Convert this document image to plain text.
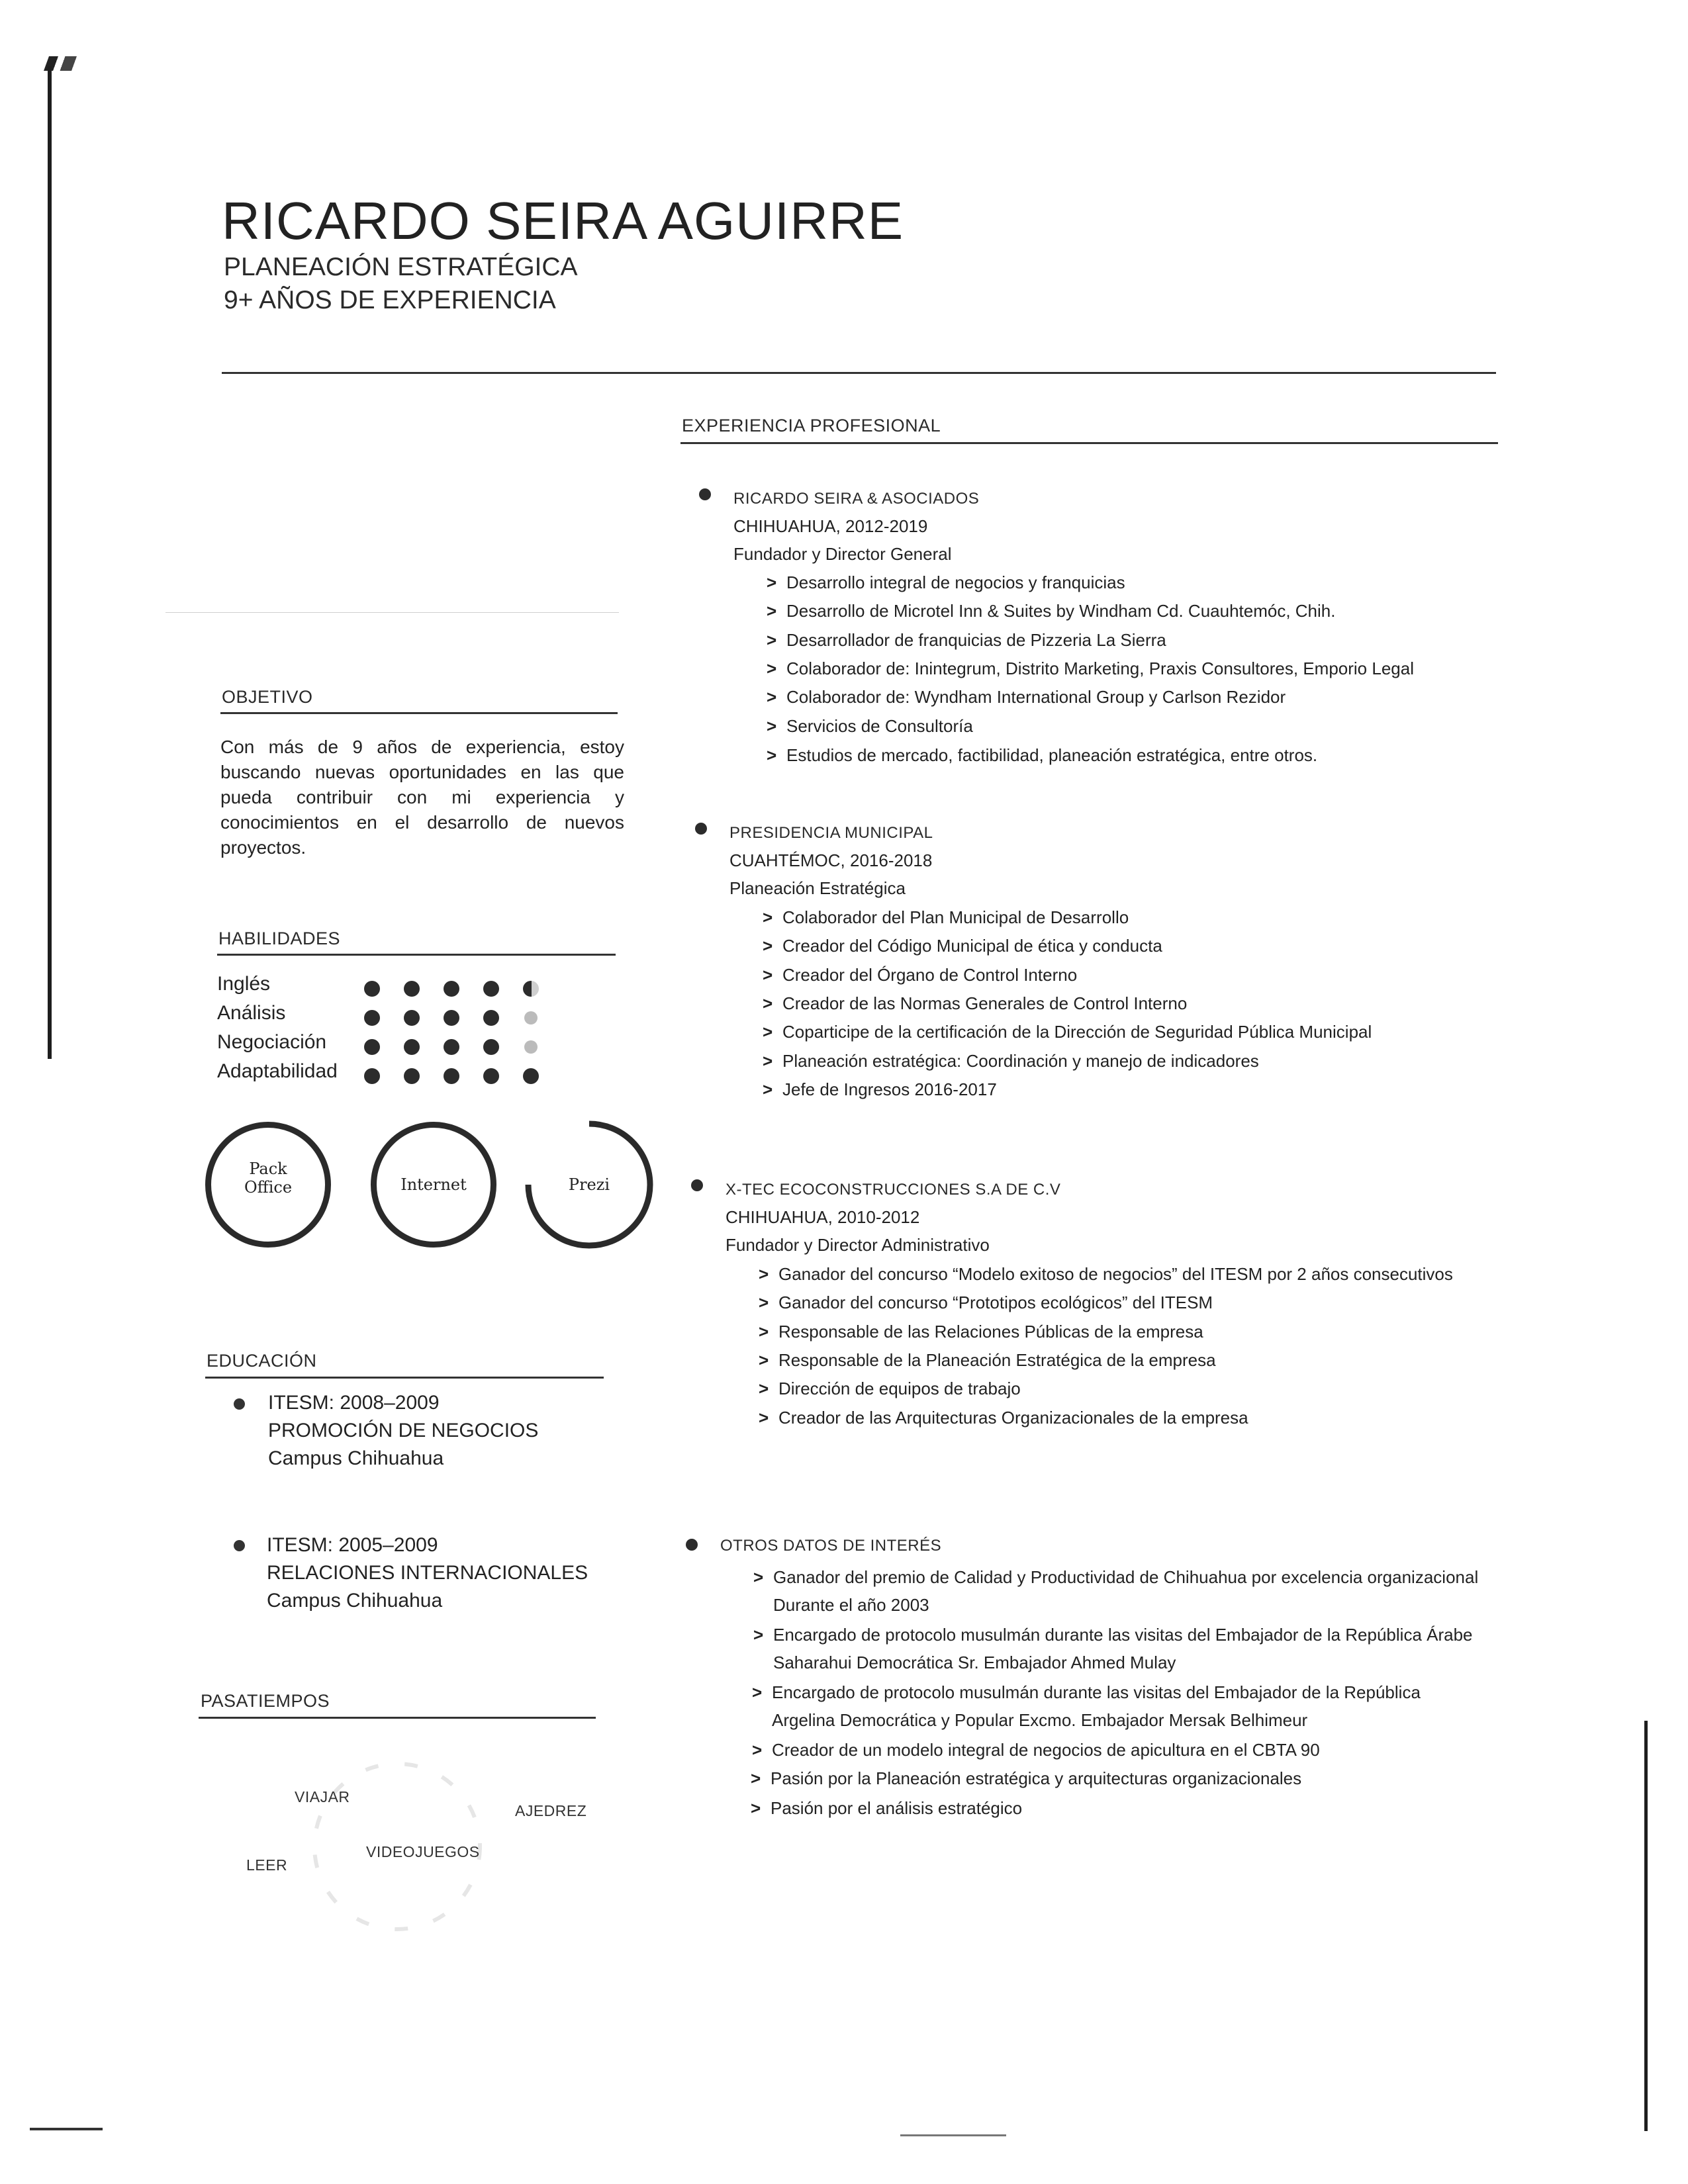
RICARDO SEIRA AGUIRRE
PLANEACIÓN ESTRATÉGICA
9+ AÑOS DE EXPERIENCIA
OBJETIVO
Con más de 9 años de experiencia, estoy buscando nuevas oportunidades en las que pueda contribuir con mi experiencia y conocimientos en el desarrollo de nuevos proyectos.
HABILIDADES
Inglés
Análisis
Negociación
Adaptabilidad
Pack Office	Internet	Prezi
EDUCACIÓN
ITESM: 2008–2009
PROMOCIÓN DE NEGOCIOS
Campus Chihuahua
ITESM: 2005–2009
RELACIONES INTERNACIONALES
Campus Chihuahua
PASATIEMPOS
VIAJAR
AJEDREZ
VIDEOJUEGOS
LEER
EXPERIENCIA PROFESIONAL
RICARDO SEIRA & ASOCIADOS
CHIHUAHUA, 2012-2019
Fundador y Director General
> Desarrollo integral de negocios y franquicias
> Desarrollo de Microtel Inn & Suites by Windham Cd. Cuauhtemóc, Chih.
> Desarrollador de franquicias de Pizzeria La Sierra
> Colaborador de: Inintegrum, Distrito Marketing, Praxis Consultores, Emporio Legal
> Colaborador de: Wyndham International Group y Carlson Rezidor
> Servicios de Consultoría
> Estudios de mercado, factibilidad, planeación estratégica, entre otros.
PRESIDENCIA MUNICIPAL
CUAHTÉMOC, 2016-2018
Planeación Estratégica
> Colaborador del Plan Municipal de Desarrollo
> Creador del Código Municipal de ética y conducta
> Creador del Órgano de Control Interno
> Creador de las Normas Generales de Control Interno
> Coparticipe de la certificación de la Dirección de Seguridad Pública Municipal
> Planeación estratégica: Coordinación y manejo de indicadores
> Jefe de Ingresos 2016-2017
X-TEC ECOCONSTRUCCIONES S.A DE C.V
CHIHUAHUA, 2010-2012
Fundador y Director Administrativo
> Ganador del concurso “Modelo exitoso de negocios” del ITESM por 2 años consecutivos
> Ganador del concurso “Prototipos ecológicos” del ITESM
> Responsable de las Relaciones Públicas de la empresa
> Responsable de la Planeación Estratégica de la empresa
> Dirección de equipos de trabajo
> Creador de las Arquitecturas Organizacionales de la empresa
OTROS DATOS DE INTERÉS
> Ganador del premio de Calidad y Productividad de Chihuahua por excelencia organizacional
Durante el año 2003
> Encargado de protocolo musulmán durante las visitas del Embajador de la República Árabe
Saharahui Democrática Sr. Embajador Ahmed Mulay
> Encargado de protocolo musulmán durante las visitas del Embajador de la República
Argelina Democrática y Popular Excmo. Embajador Mersak Belhimeur
> Creador de un modelo integral de negocios de apicultura en el CBTA 90
> Pasión por la Planeación estratégica y arquitecturas organizacionales
> Pasión por el análisis estratégico
